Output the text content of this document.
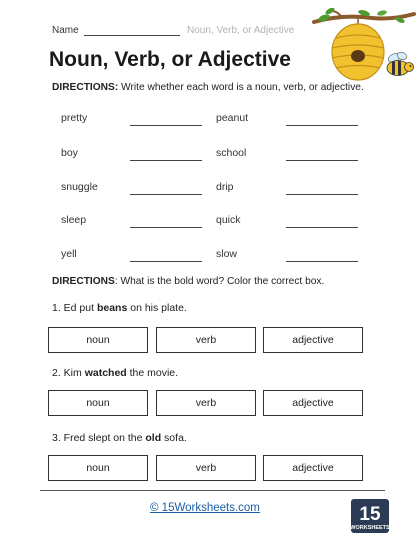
Name	Noun, Verb, or Adjective
Noun, Verb, or Adjective
DIRECTIONS: Write whether each word is a noun, verb, or adjective.
pretty	peanut
boy	school
snuggle	drip
sleep	quick
yell	slow
DIRECTIONS: What is the bold word? Color the correct box.
1. Ed put beans on his plate.
noun	verb	adjective
2. Kim watched the movie.
noun	verb	adjective
3. Fred slept on the old sofa.
noun	verb	adjective
© 15Worksheets.com	15
WORKSHEETS
